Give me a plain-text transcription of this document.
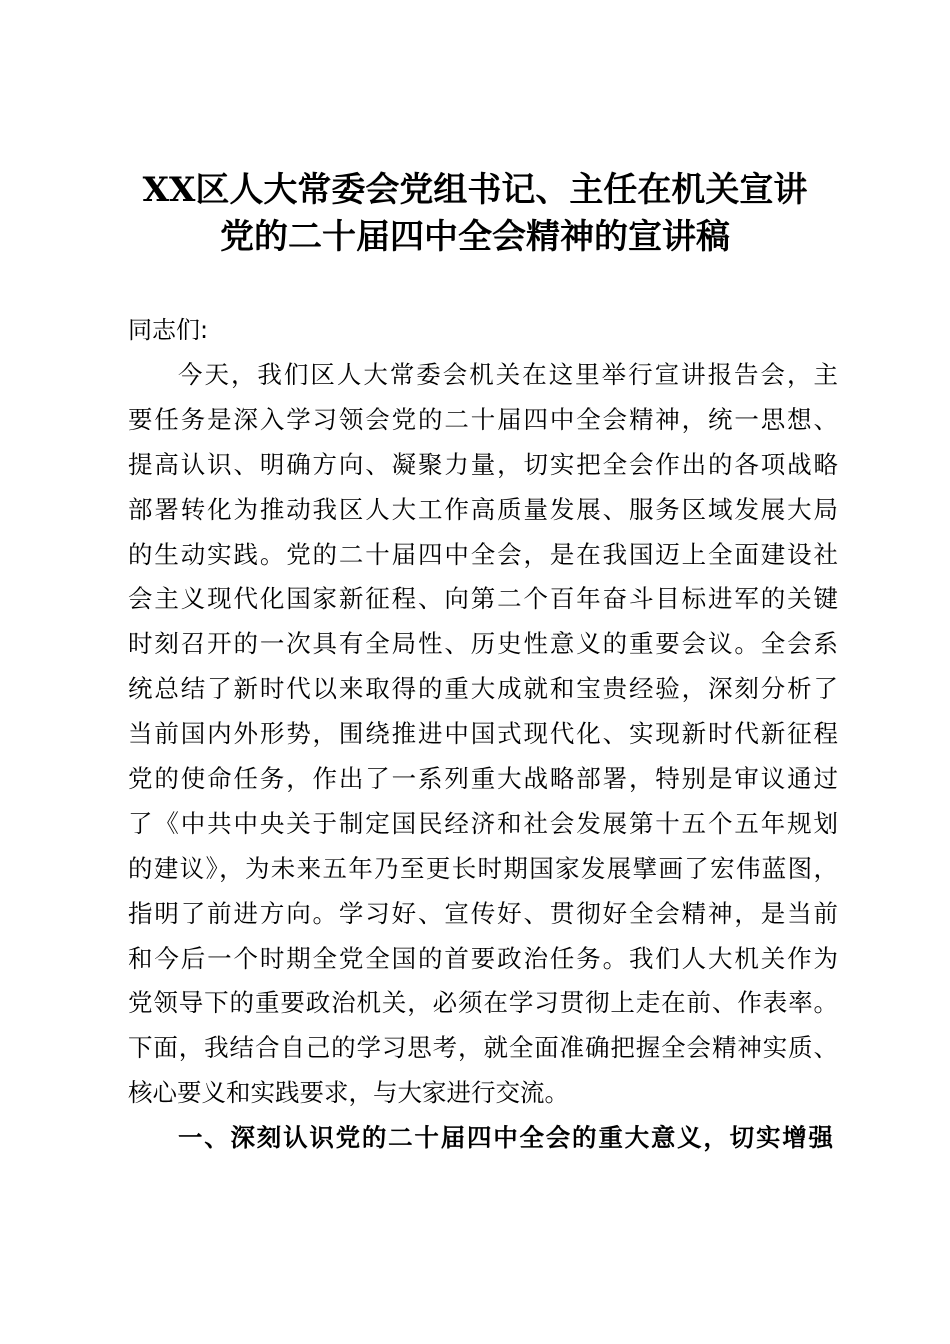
XX区人大常委会党组书记、主任在机关宣讲
党的二十届四中全会精神的宣讲稿
同志们:
今天，我们区人大常委会机关在这里举行宣讲报告会，主
要任务是深入学习领会党的二十届四中全会精神，统一思想、
提高认识、明确方向、凝聚力量，切实把全会作出的各项战略
部署转化为推动我区人大工作高质量发展、服务区域发展大局
的生动实践。党的二十届四中全会，是在我国迈上全面建设社
会主义现代化国家新征程、向第二个百年奋斗目标进军的关键
时刻召开的一次具有全局性、历史性意义的重要会议。全会系
统总结了新时代以来取得的重大成就和宝贵经验，深刻分析了
当前国内外形势，围绕推进中国式现代化、实现新时代新征程
党的使命任务，作出了一系列重大战略部署，特别是审议通过
了《中共中央关于制定国民经济和社会发展第十五个五年规划
的建议》，为未来五年乃至更长时期国家发展擘画了宏伟蓝图，
指明了前进方向。学习好、宣传好、贯彻好全会精神，是当前
和今后一个时期全党全国的首要政治任务。我们人大机关作为
党领导下的重要政治机关，必须在学习贯彻上走在前、作表率。
下面，我结合自己的学习思考，就全面准确把握全会精神实质、
核心要义和实践要求，与大家进行交流。
一、深刻认识党的二十届四中全会的重大意义，切实增强
